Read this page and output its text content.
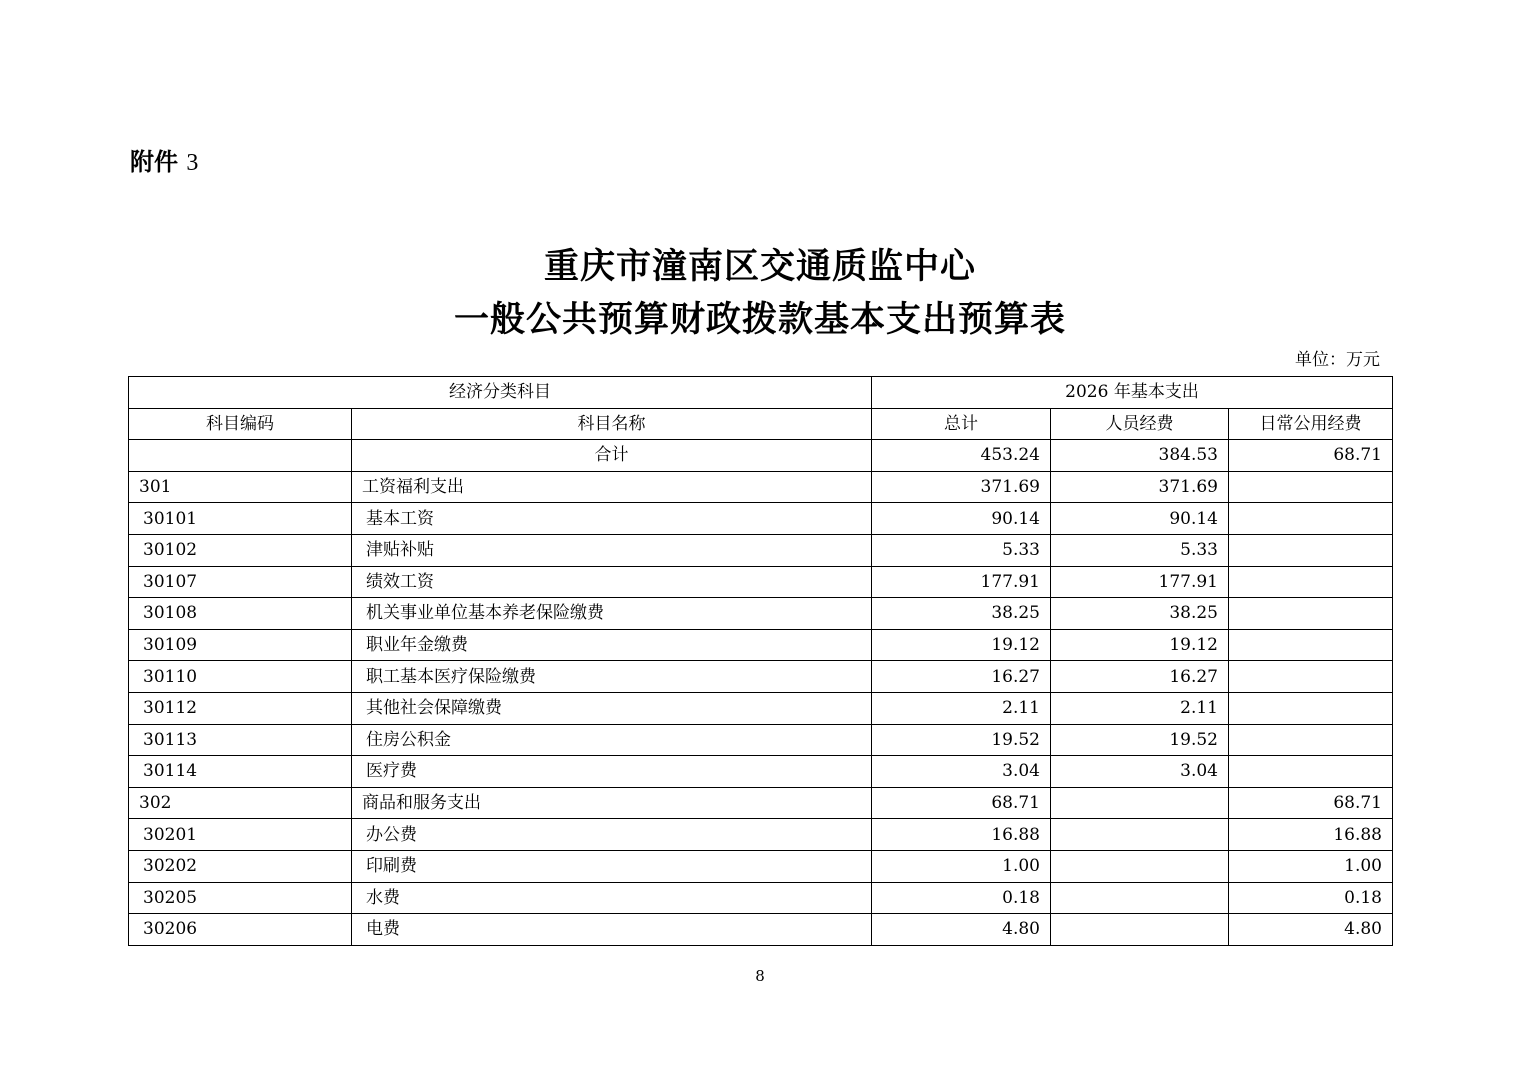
附件 3
重庆市潼南区交通质监中心
一般公共预算财政拨款基本支出预算表
单位：万元
经济分类科目		2026 年基本支出		
科目编码	科目名称	总计	人员经费	日常公用经费
	合计	453.24	384.53	68.71
301	工资福利支出	371.69	371.69	
30101	基本工资	90.14	90.14	
30102	津贴补贴	5.33	5.33	
30107	绩效工资	177.91	177.91	
30108	机关事业单位基本养老保险缴费	38.25	38.25	
30109	职业年金缴费	19.12	19.12	
30110	职工基本医疗保险缴费	16.27	16.27	
30112	其他社会保障缴费	2.11	2.11	
30113	住房公积金	19.52	19.52	
30114	医疗费	3.04	3.04	
302	商品和服务支出	68.71		68.71
30201	办公费	16.88		16.88
30202	印刷费	1.00		1.00
30205	水费	0.18		0.18
30206	电费	4.80		4.80
8
